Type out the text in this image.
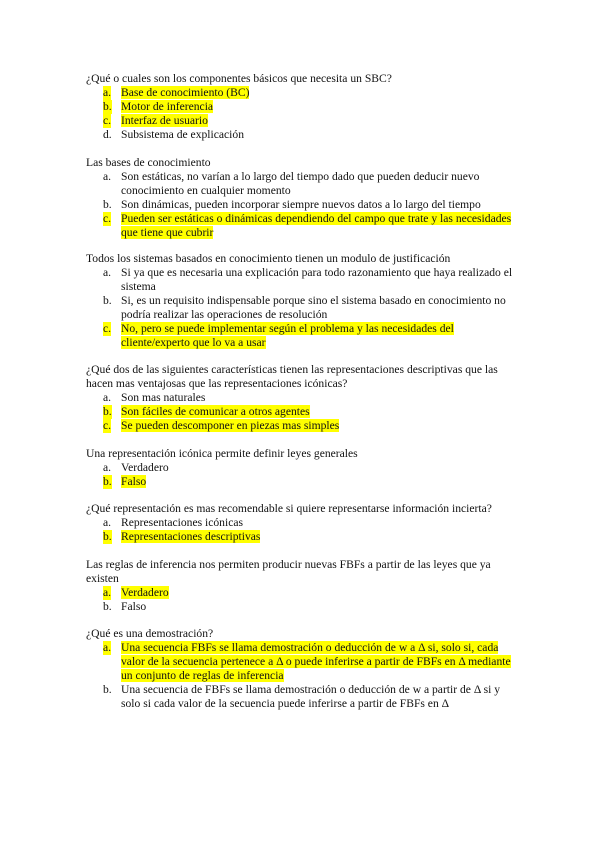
¿Qué o cuales son los componentes básicos que necesita un SBC?

a. Base de conocimiento (BC)
b. Motor de inferencia
c. Interfaz de usuario
d. Subsistema de explicación

Las bases de conocimiento

a. Son estáticas, no varían a lo largo del tiempo dado que pueden deducir nuevo conocimiento en cualquier momento
b. Son dinámicas, pueden incorporar siempre nuevos datos a lo largo del tiempo
c. Pueden ser estáticas o dinámicas dependiendo del campo que trate y las necesidades que tiene que cubrir

Todos los sistemas basados en conocimiento tienen un modulo de justificación

a. Si ya que es necesaria una explicación para todo razonamiento que haya realizado el sistema
b. Si, es un requisito indispensable porque sino el sistema basado en conocimiento no podría realizar las operaciones de resolución
c. No, pero se puede implementar según el problema y las necesidades del cliente/experto que lo va a usar

¿Qué dos de las siguientes características tienen las representaciones descriptivas que las hacen mas ventajosas que las representaciones icónicas?

a. Son mas naturales
b. Son fáciles de comunicar a otros agentes
c. Se pueden descomponer en piezas mas simples

Una representación icónica permite definir leyes generales

a. Verdadero
b. Falso

¿Qué representación es mas recomendable si quiere representarse información incierta?

a. Representaciones icónicas
b. Representaciones descriptivas

Las reglas de inferencia nos permiten producir nuevas FBFs a partir de las leyes que ya existen

a. Verdadero
b. Falso

¿Qué es una demostración?

a. Una secuencia FBFs se llama demostración o deducción de w a Δ si, solo si, cada valor de la secuencia pertenece a Δ o puede inferirse a partir de FBFs en Δ mediante un conjunto de reglas de inferencia
b. Una secuencia de FBFs se llama demostración o deducción de w a partir de Δ si y solo si cada valor de la secuencia puede inferirse a partir de FBFs en Δ
